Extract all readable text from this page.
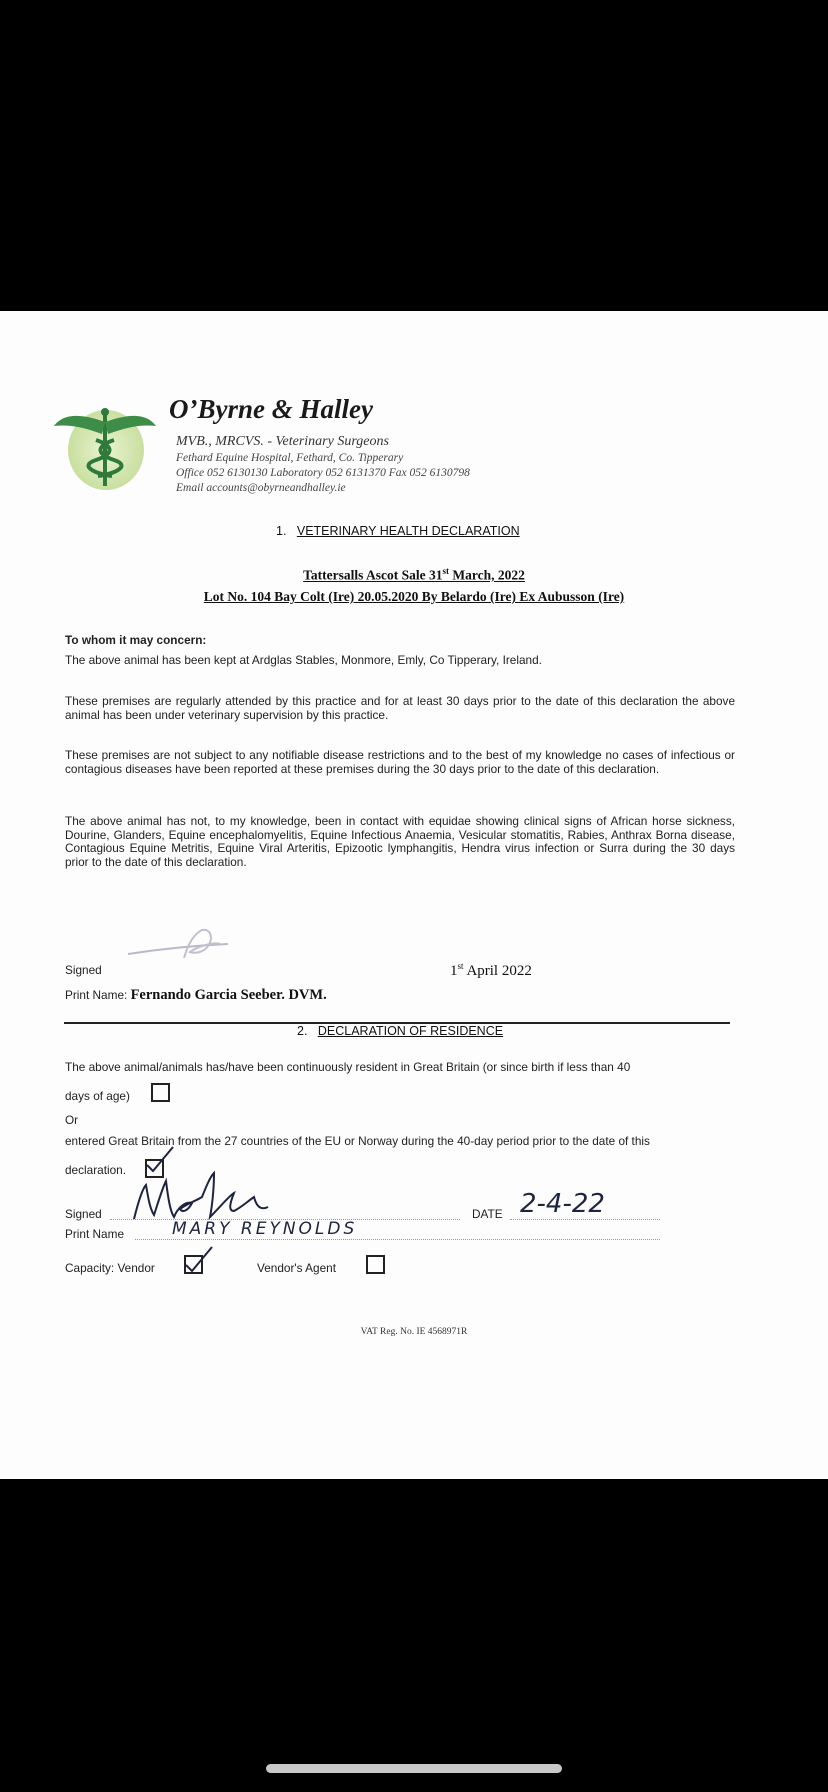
O’Byrne & Halley
MVB., MRCVS. - Veterinary Surgeons
Fethard Equine Hospital, Fethard, Co. Tipperary
Office 052 6130130 Laboratory 052 6131370 Fax 052 6130798
Email accounts@obyrneandhalley.ie
1. VETERINARY HEALTH DECLARATION
Tattersalls Ascot Sale 31st March, 2022
Lot No. 104 Bay Colt (Ire) 20.05.2020 By Belardo (Ire) Ex Aubusson (Ire)
To whom it may concern:
The above animal has been kept at Ardglas Stables, Monmore, Emly, Co Tipperary, Ireland.
These premises are regularly attended by this practice and for at least 30 days prior to the date of this declaration the above animal has been under veterinary supervision by this practice.
These premises are not subject to any notifiable disease restrictions and to the best of my knowledge no cases of infectious or contagious diseases have been reported at these premises during the 30 days prior to the date of this declaration.
The above animal has not, to my knowledge, been in contact with equidae showing clinical signs of African horse sickness, Dourine, Glanders, Equine encephalomyelitis, Equine Infectious Anaemia, Vesicular stomatitis, Rabies, Anthrax Borna disease, Contagious Equine Metritis, Equine Viral Arteritis, Epizootic lymphangitis, Hendra virus infection or Surra during the 30 days prior to the date of this declaration.
Signed	1st April 2022
Print Name: Fernando Garcia Seeber. DVM.
2. DECLARATION OF RESIDENCE
The above animal/animals has/have been continuously resident in Great Britain (or since birth if less than 40
days of age)
Or
entered Great Britain from the 27 countries of the EU or Norway during the 40-day period prior to the date of this
declaration.
Signed	DATE 2-4-22
Print Name	MARY REYNOLDS
Capacity: Vendor	Vendor's Agent
VAT Reg. No. IE 4568971R
